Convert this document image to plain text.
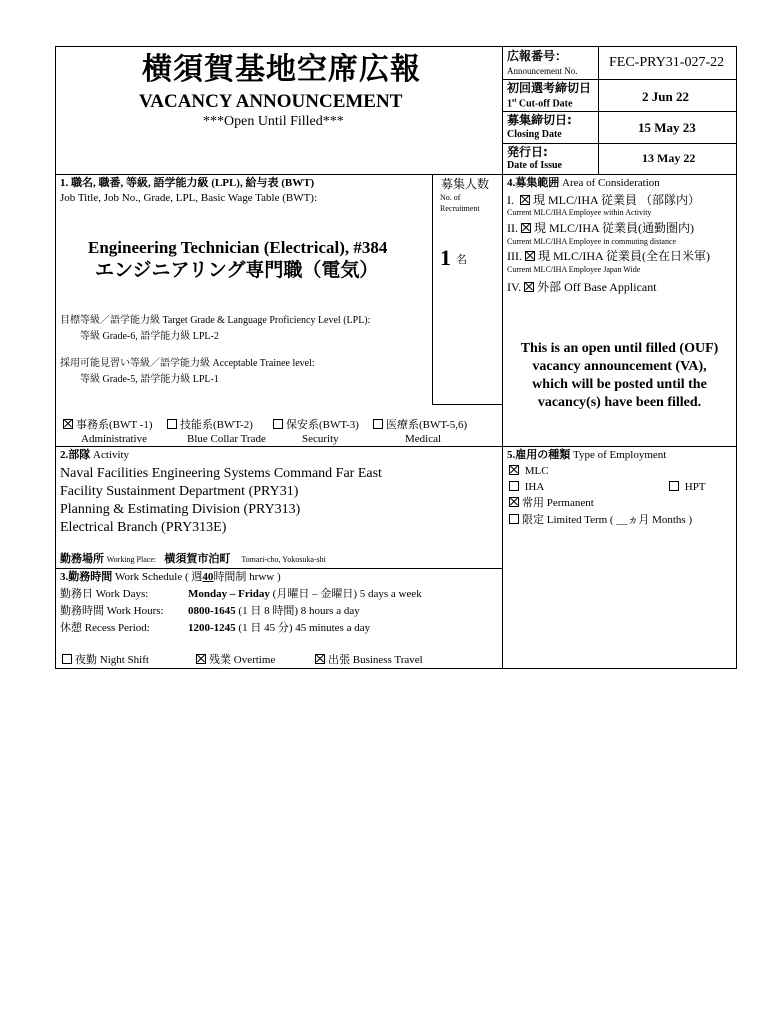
横須賀基地空席広報
VACANCY ANNOUNCEMENT
***Open Until Filled***
広報番号：
Announcement No.
FEC-PRY31-027-22
初回選考締切日
1st Cut-off Date	2 Jun 22
募集締切日:
Closing Date	15 May 23
発行日:
Date of Issue
13 May 22
1. 職名, 職番, 等級, 語学能力級 (LPL), 給与表 (BWT)
Job Title, Job No., Grade, LPL, Basic Wage Table (BWT):
Engineering Technician (Electrical), #384
エンジニアリング専門職（電気）
目標等級／語学能力級 Target Grade & Language Proficiency Level (LPL):
等級 Grade-6, 語学能力級 LPL-2
採用可能見習い等級／語学能力級 Acceptable Trainee level:
等級 Grade-5, 語学能力級 LPL-1
募集人数
No. of
Recruitment
1 名
事務系(BWT -1)	技能系(BWT-2)	保安系(BWT-3)	医療系(BWT-5,6)
Administrative	Blue Collar Trade	Security	Medical
4.募集範囲 Area of Consideration
I. 現 MLC/IHA 従業員 （部隊内）
Current MLC/IHA Employee within Activity
II. 現 MLC/IHA 従業員(通勤圏内)
Current MLC/IHA Employee in commuting distance
III. 現 MLC/IHA 従業員(全在日米軍)
Current MLC/IHA Employee Japan Wide
IV. 外部 Off Base Applicant
This is an open until filled (OUF)
vacancy announcement (VA),
which will be posted until the
vacancy(s) have been filled.
2.部隊 Activity
Naval Facilities Engineering Systems Command Far East
Facility Sustainment Department (PRY31)
Planning & Estimating Division (PRY313)
Electrical Branch (PRY313E)
勤務場所 Working Place: 横須賀市泊町 Tomari-cho, Yokosuka-shi
5.雇用の種類 Type of Employment
MLC
IHA	HPT
常用 Permanent
限定 Limited Term ( __ヵ月 Months )
3.勤務時間 Work Schedule ( 週40時間制 hrww )
勤務日 Work Days:	Monday – Friday (月曜日 – 金曜日) 5 days a week
勤務時間 Work Hours: 0800-1645 (1 日 8 時間) 8 hours a day
休憩 Recess Period:	1200-1245 (1 日 45 分) 45 minutes a day
夜勤 Night Shift	残業 Overtime	出張 Business Travel
